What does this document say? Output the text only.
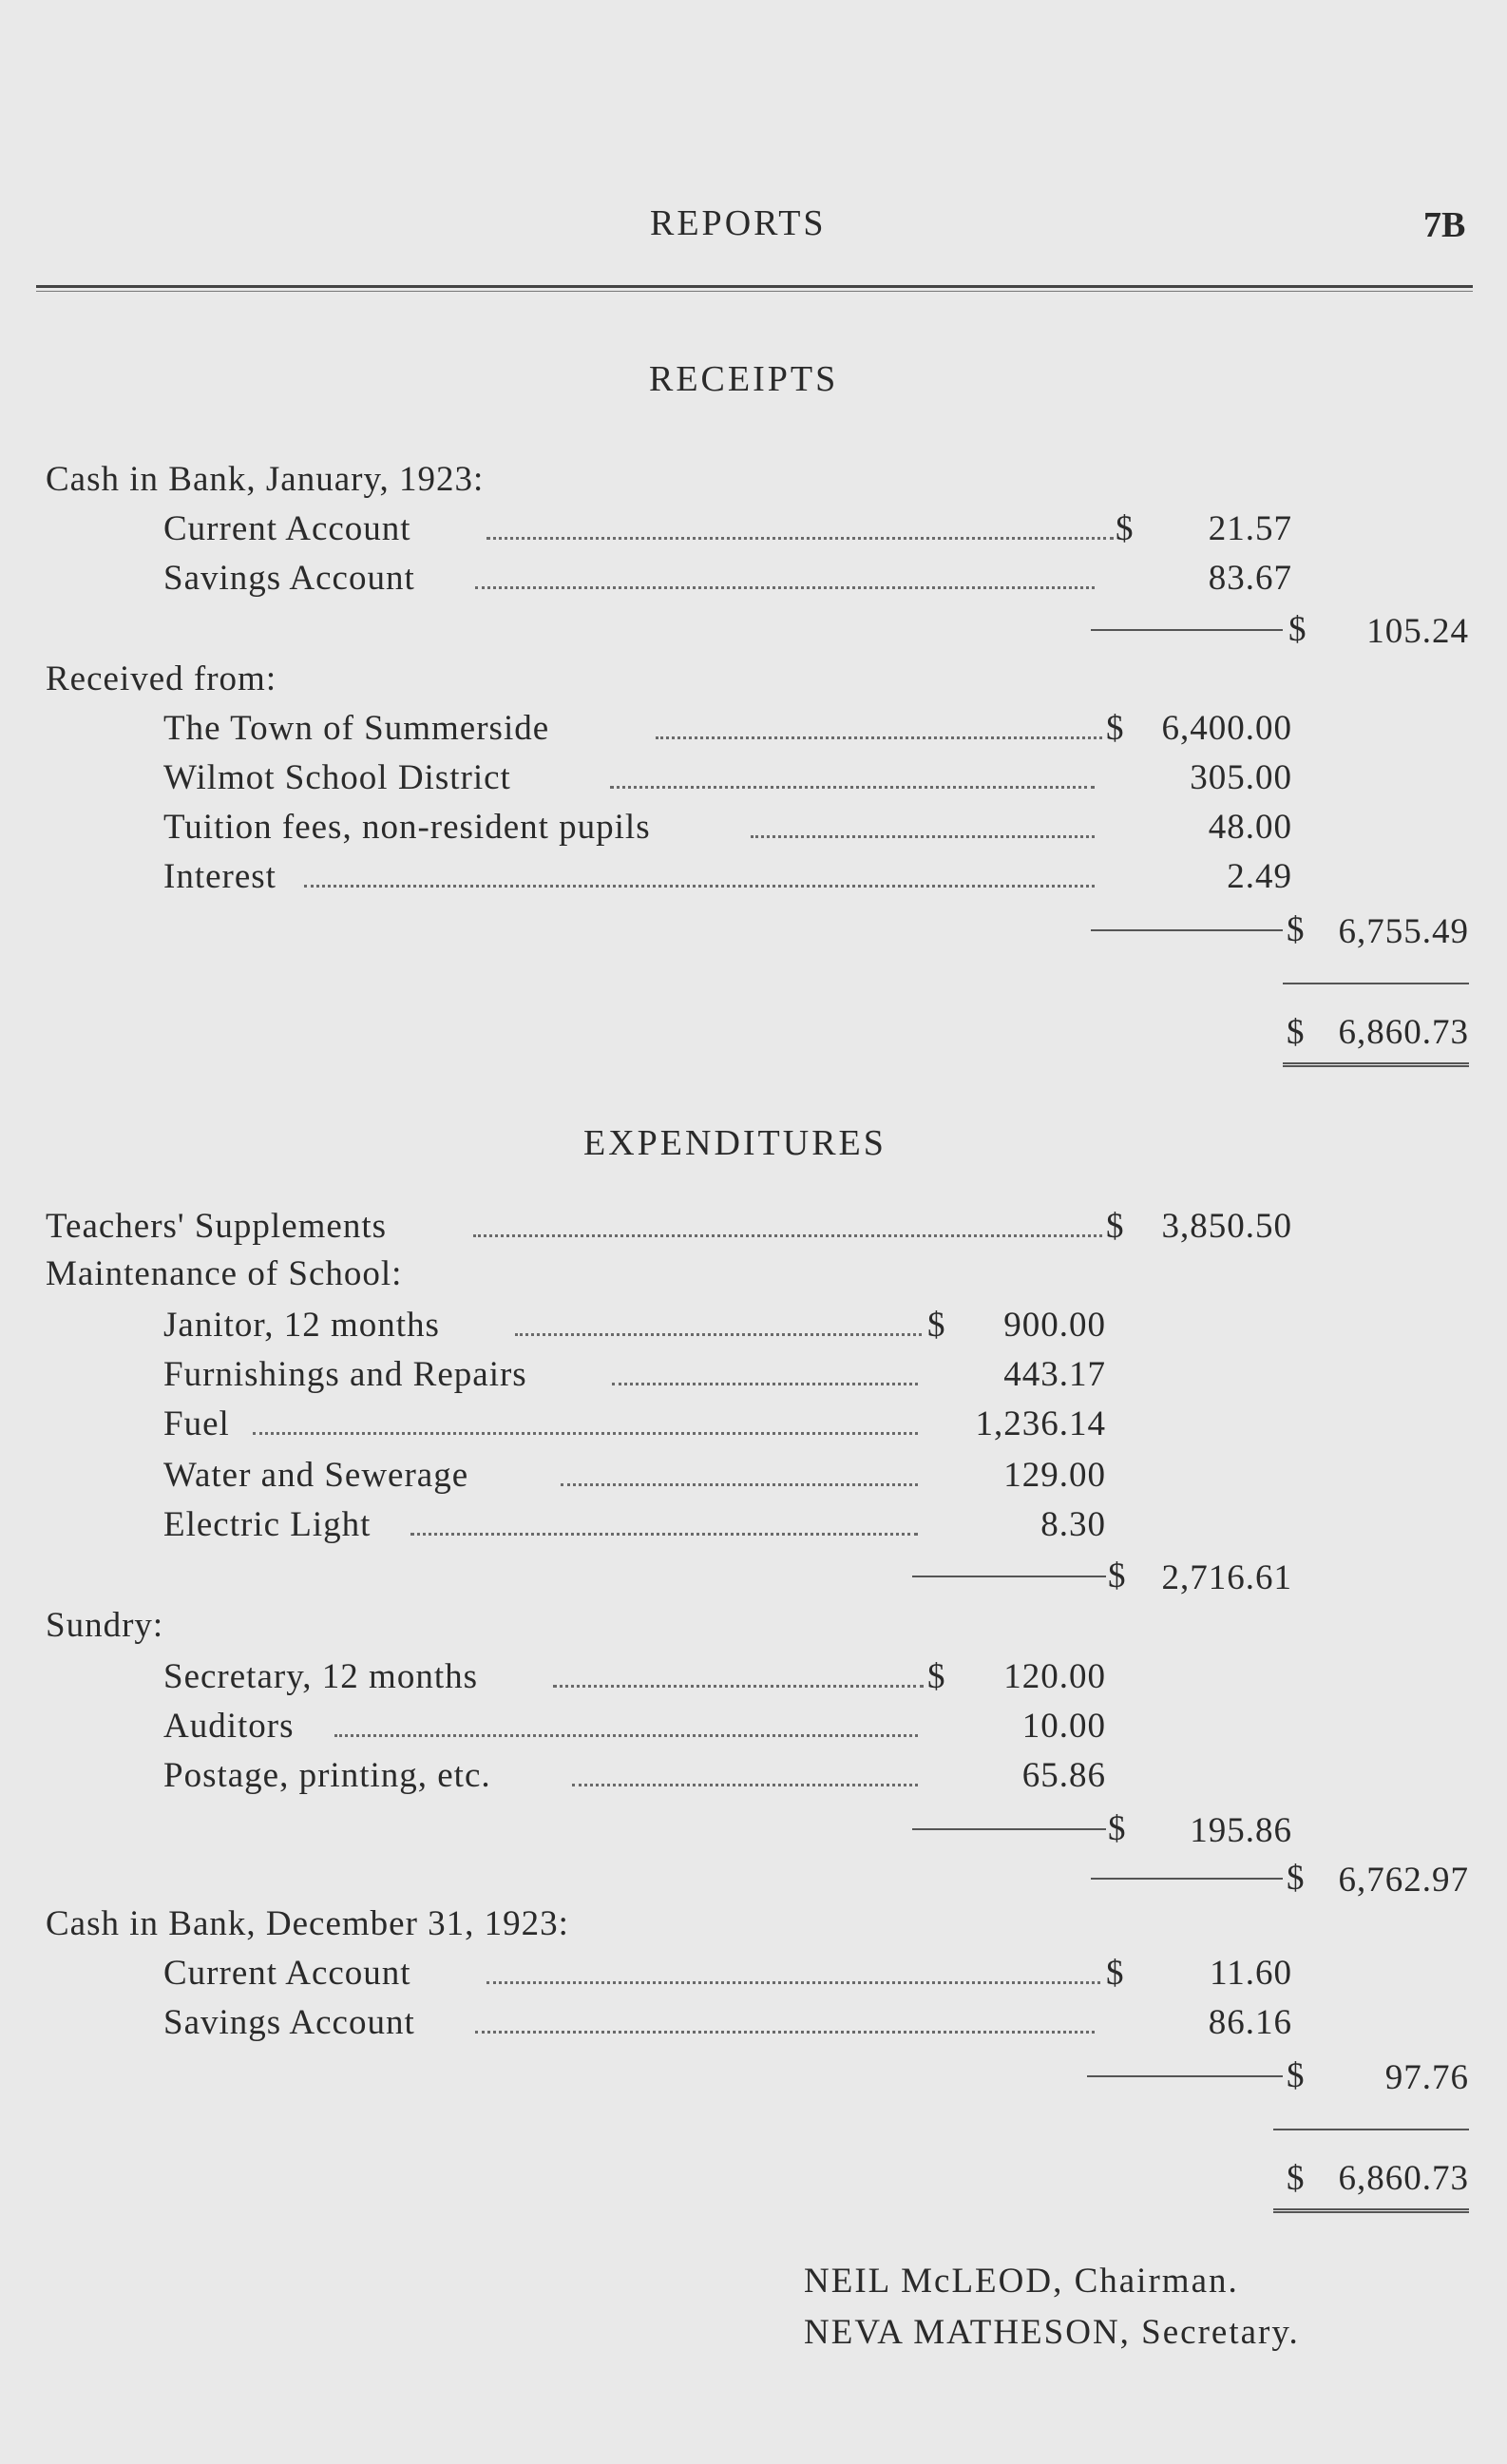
REPORTS	7B
RECEIPTS
Cash in Bank, January, 1923:
Current Account	$	21.57
Savings Account	83.67
$	105.24
Received from:
The Town of Summerside	$	6,400.00
Wilmot School District	305.00
Tuition fees, non-resident pupils	48.00
Interest	2.49
$ 6,755.49
$ 6,860.73
EXPENDITURES
Teachers' Supplements	$	3,850.50
Maintenance of School:
Janitor, 12 months	$	900.00
Furnishings and Repairs	443.17
Fuel	1,236.14
Water and Sewerage	129.00
Electric Light	8.30
$	2,716.61
Sundry:
Secretary, 12 months	$	120.00
Auditors	10.00
Postage, printing, etc.	65.86
$	195.86
$ 6,762.97
Cash in Bank, December 31, 1923:
Current Account	$	11.60
Savings Account	86.16
$	97.76
$ 6,860.73
NEIL McLEOD, Chairman.
NEVA MATHESON, Secretary.
